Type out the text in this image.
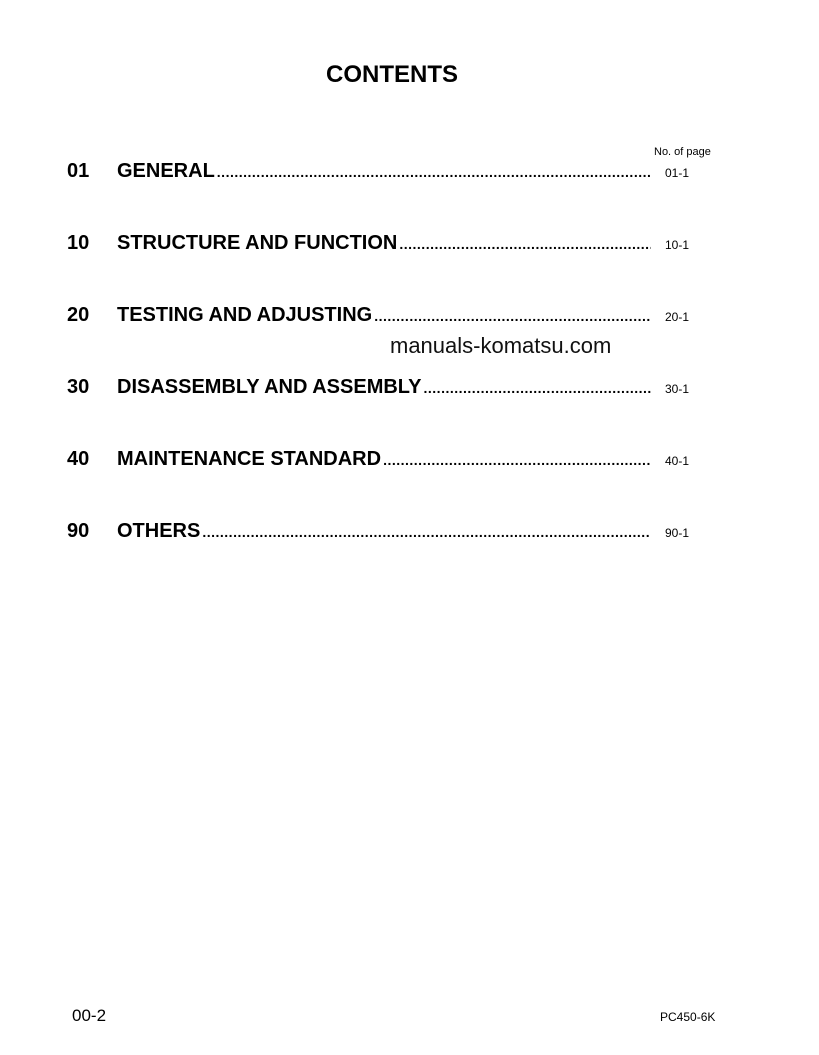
CONTENTS
No. of page
01	GENERAL .....	01-1
10	STRUCTURE AND FUNCTION .....	10-1
20	TESTING AND ADJUSTING .....	20-1
30	DISASSEMBLY AND ASSEMBLY .....	30-1
40	MAINTENANCE STANDARD .....	40-1
90	OTHERS .....	90-1
manuals-komatsu.com
00-2	PC450-6K
